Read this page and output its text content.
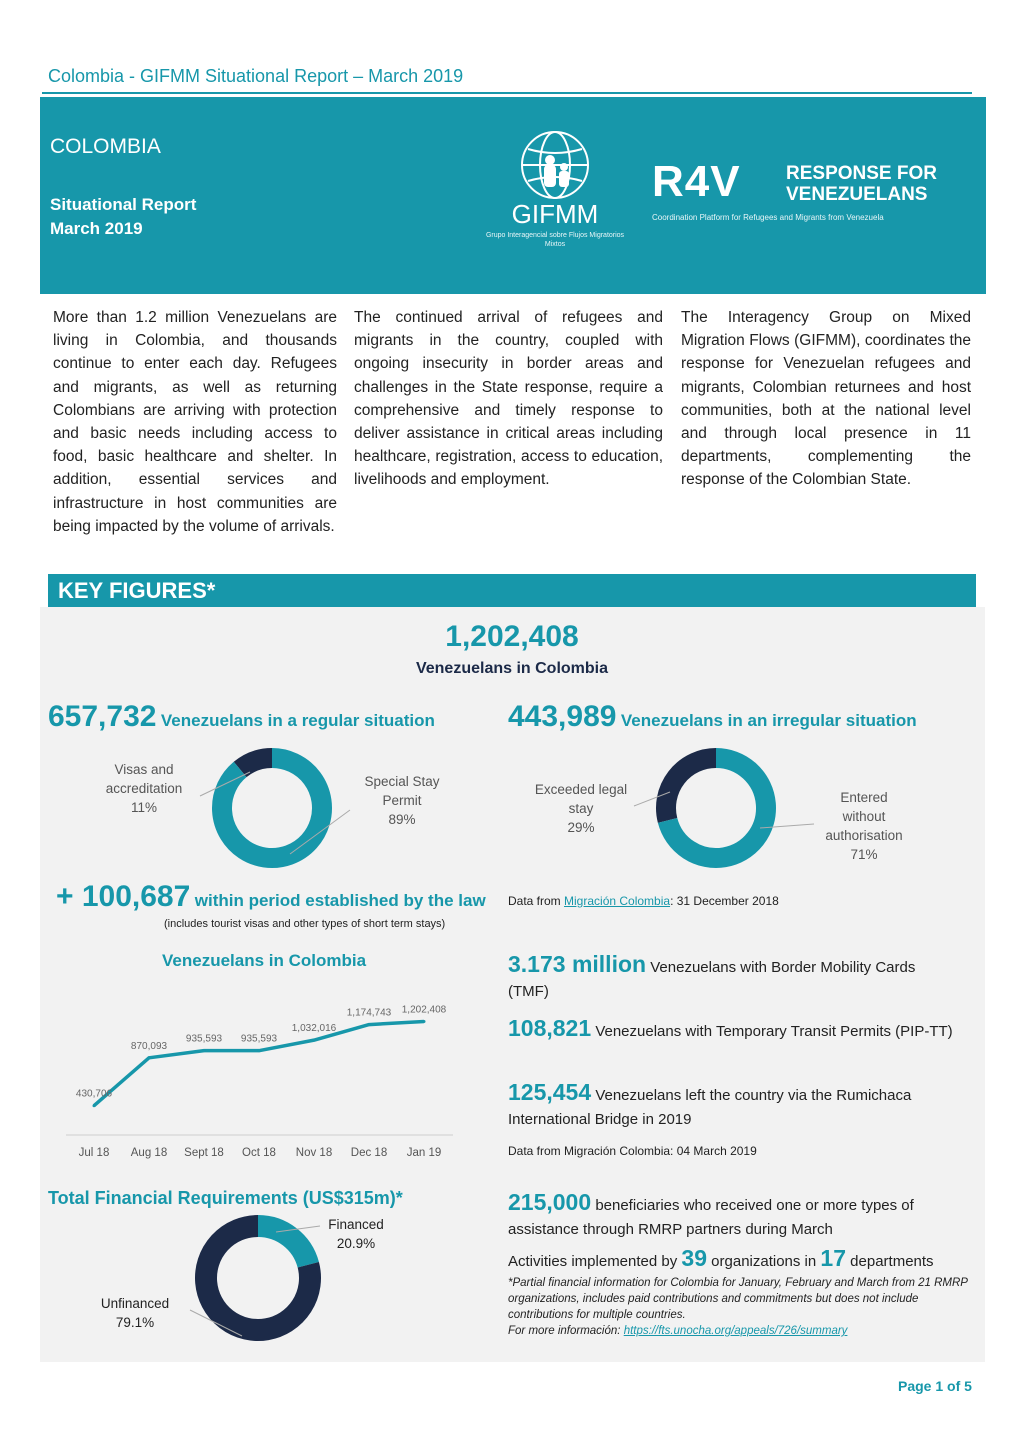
Colombia - GIFMM Situational Report – March 2019
COLOMBIA
Situational Report
March 2019	GIFMM
Grupo Interagencial sobre Flujos Migratorios Mixtos
R4V RESPONSE FOR
VENEZUELANS
Coordination Platform for Refugees and Migrants from Venezuela
More than 1.2 million Venezuelans are living in Colombia, and thousands continue to enter each day. Refugees and migrants, as well as returning Colombians are arriving with protection and basic needs including access to food, basic healthcare and shelter. In addition, essential services and infrastructure in host communities are being impacted by the volume of arrivals.
The continued arrival of refugees and migrants in the country, coupled with ongoing insecurity in border areas and challenges in the State response, require a comprehensive and timely response to deliver assistance in critical areas including healthcare, registration, access to education, livelihoods and employment.
The Interagency Group on Mixed Migration Flows (GIFMM), coordinates the response for Venezuelan refugees and migrants, Colombian returnees and host communities, both at the national level and through local presence in 11 departments, complementing the response of the Colombian State.
KEY FIGURES*
1,202,408
Venezuelans in Colombia
657,732 Venezuelans in a regular situation 443,989 Venezuelans in an irregular situation
Visas and
accreditation
11%
Special Stay
Permit
89%
Exceeded legal
stay
29%
Entered
without
authorisation
71%
+ 100,687 within period established by the law
(includes tourist visas and other types of short term stays)
Data from Migración Colombia: 31 December 2018
Venezuelans in Colombia
430,706
Jul 18
870,093
Aug 18
935,593
Sept 18
935,593
Oct 18
1,032,016
Nov 18
1,174,743
Dec 18
1,202,408
Jan 19
3.173 million Venezuelans with Border Mobility Cards (TMF)
108,821 Venezuelans with Temporary Transit Permits (PIP-TT)
125,454 Venezuelans left the country via the Rumichaca International Bridge in 2019
Data from Migración Colombia: 04 March 2019
Total Financial Requirements (US$315m)*
Financed
20.9%
Unfinanced
79.1%
215,000 beneficiaries who received one or more types of assistance through RMRP partners during March
Activities implemented by 39 organizations in 17 departments
*Partial financial information for Colombia for January, February and March from 21 RMRP organizations, includes paid contributions and commitments but does not include contributions for multiple countries.
For more información: https://fts.unocha.org/appeals/726/summary
Page 1 of 5
